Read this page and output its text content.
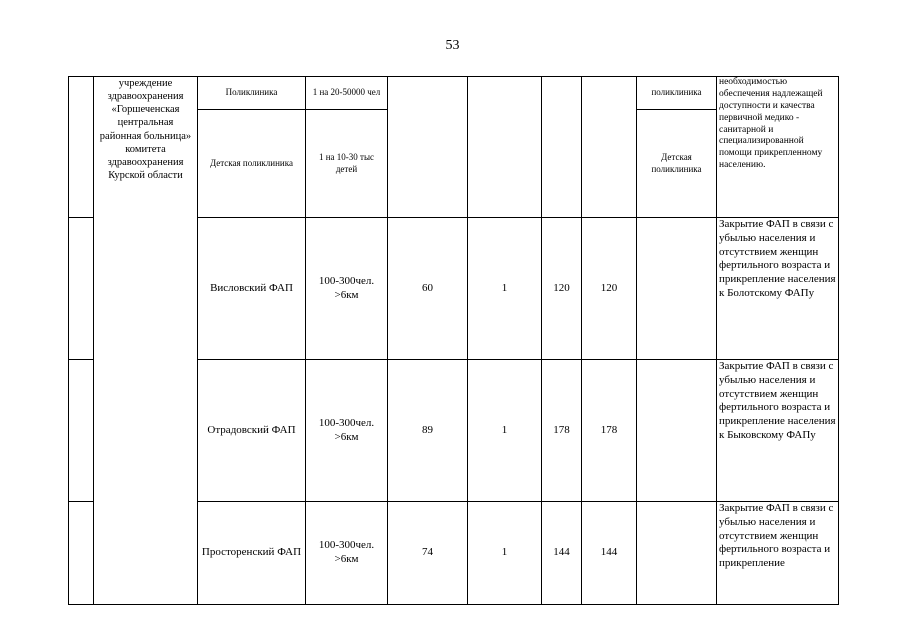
53
	учреждение здравоохранения «Горшеченская центральная районная больница» комитета здравоохранения Курской области	Поликлиника	1 на 20-50000 чел					поликлиника	необходимостью обеспечения надлежащей доступности и качества первичной медико - санитарной и специализированной помощи прикрепленному населению.
		Детская поликлиника	1 на 10-30 тыс детей					Детская поликлиника	
		Висловский ФАП	100-300чел. >6км	60	1	120	120		Закрытие ФАП в связи с убылью населения и отсутствием женщин фертильного возраста и прикрепление населения к Болотскому ФАПу
		Отрадовский ФАП	100-300чел. >6км	89	1	178	178		Закрытие ФАП в связи с убылью населения и отсутствием женщин фертильного возраста и прикрепление населения к Быковскому ФАПу
		Просторенский ФАП	100-300чел. >6км	74	1	144	144		Закрытие ФАП в связи с убылью населения и отсутствием женщин фертильного возраста и прикрепление
